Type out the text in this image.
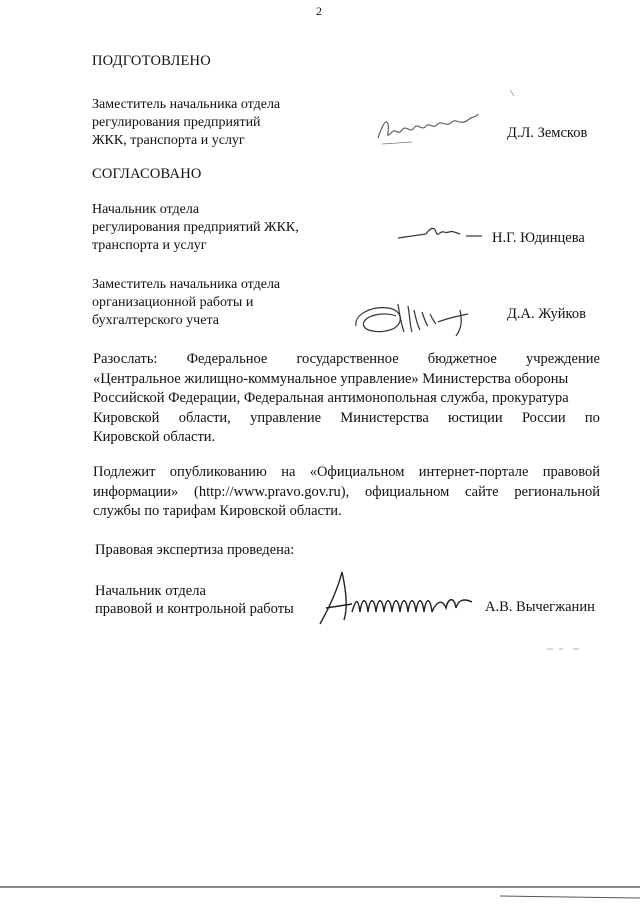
2
ПОДГОТОВЛЕНО
Заместитель начальника отдела
регулирования предприятий
ЖКК, транспорта и услуг	Д.Л. Земсков
СОГЛАСОВАНО
Начальник отдела
регулирования предприятий ЖКК,
транспорта и услуг	Н.Г. Юдинцева
Заместитель начальника отдела
организационной работы и
бухгалтерского учета	Д.А. Жуйков
Разослать: Федеральное государственное бюджетное учреждение
«Центральное жилищно-коммунальное управление» Министерства обороны
Российской Федерации, Федеральная антимонопольная служба, прокуратура
Кировской области, управление Министерства юстиции России по
Кировской области.
Подлежит опубликованию на «Официальном интернет-портале правовой
информации» (http://www.pravo.gov.ru), официальном сайте региональной
службы по тарифам Кировской области.
Правовая экспертиза проведена:
Начальник отдела
правовой и контрольной работы	А.В. Вычегжанин
